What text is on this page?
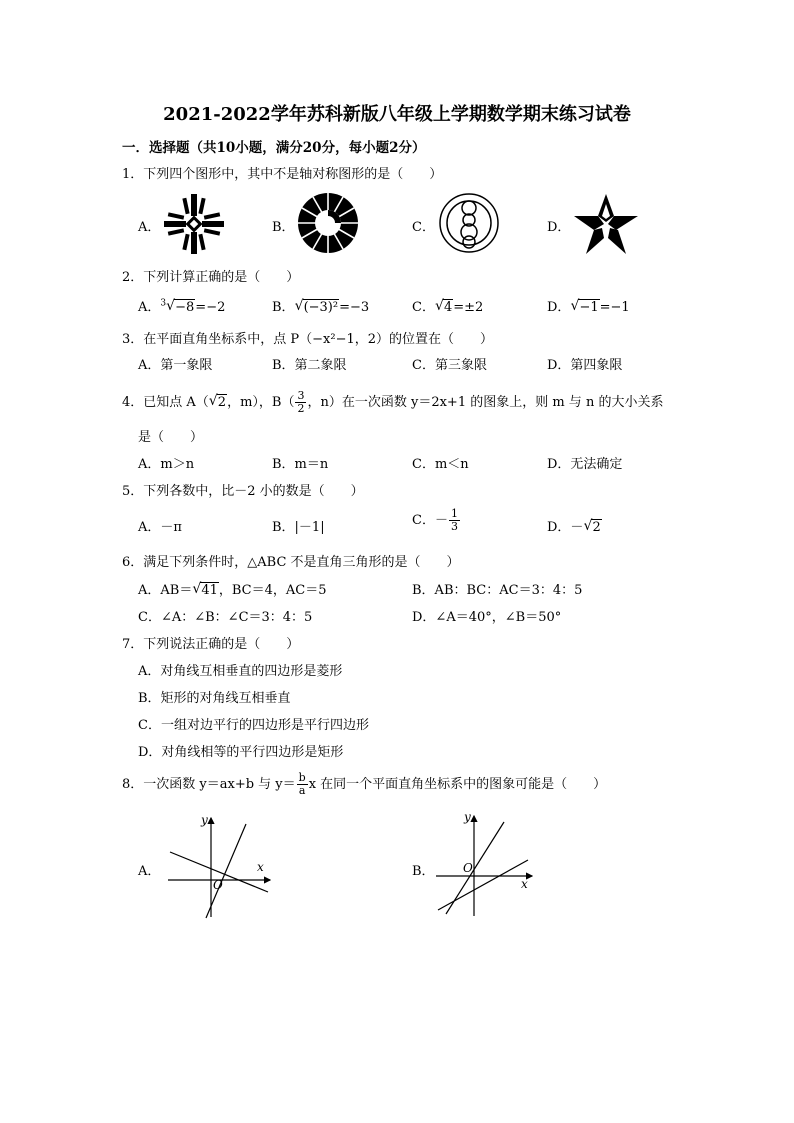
2021-2022学年苏科新版八年级上学期数学期末练习试卷
一．选择题（共10小题，满分20分，每小题2分）
1．下列四个图形中，其中不是轴对称图形的是（　　）
A．	B．	C．	D．
2．下列计算正确的是（　　）
A．$^3$ √ −8=−2	B． √ (−3)²=−3	C． √ 4=±2	D． √ −1=−1
3．在平面直角坐标系中，点 P（−x²−1，2）的位置在（　　）
A．第一象限	B．第二象限	C．第三象限	D．第四象限
4．已知点 A（ √ 2，m），$B( \frac{3}{2}$ ，n）在一次函数 y＝2x+1 的图象上，则 m 与 n 的大小关系
是（　　）
A．m＞n	B．m＝n	C．m＜n	D．无法确定
5．下列各数中，比－2 小的数是（　　）
A．－π	B．|－1|	C．－ $\frac{1}{3}$	D．－ √ 2
6．满足下列条件时，△ABC 不是直角三角形的是（　　）
A．AB＝ √ 41，BC＝4，AC＝5	B．AB：BC：AC＝3：4：5
C．∠A：∠B：∠C＝3：4：5	D．∠A＝40°，∠B＝50°
7．下列说法正确的是（　　）
A．对角线互相垂直的四边形是菱形
B．矩形的对角线互相垂直
C．一组对边平行的四边形是平行四边形
D．对角线相等的平行四边形是矩形
8．一次函数 y＝ax+b 与 $y= \frac{b}{a}$ x 在同一个平面直角坐标系中的图象可能是（　　）
A．	B．
y
x
O
y
O
x
